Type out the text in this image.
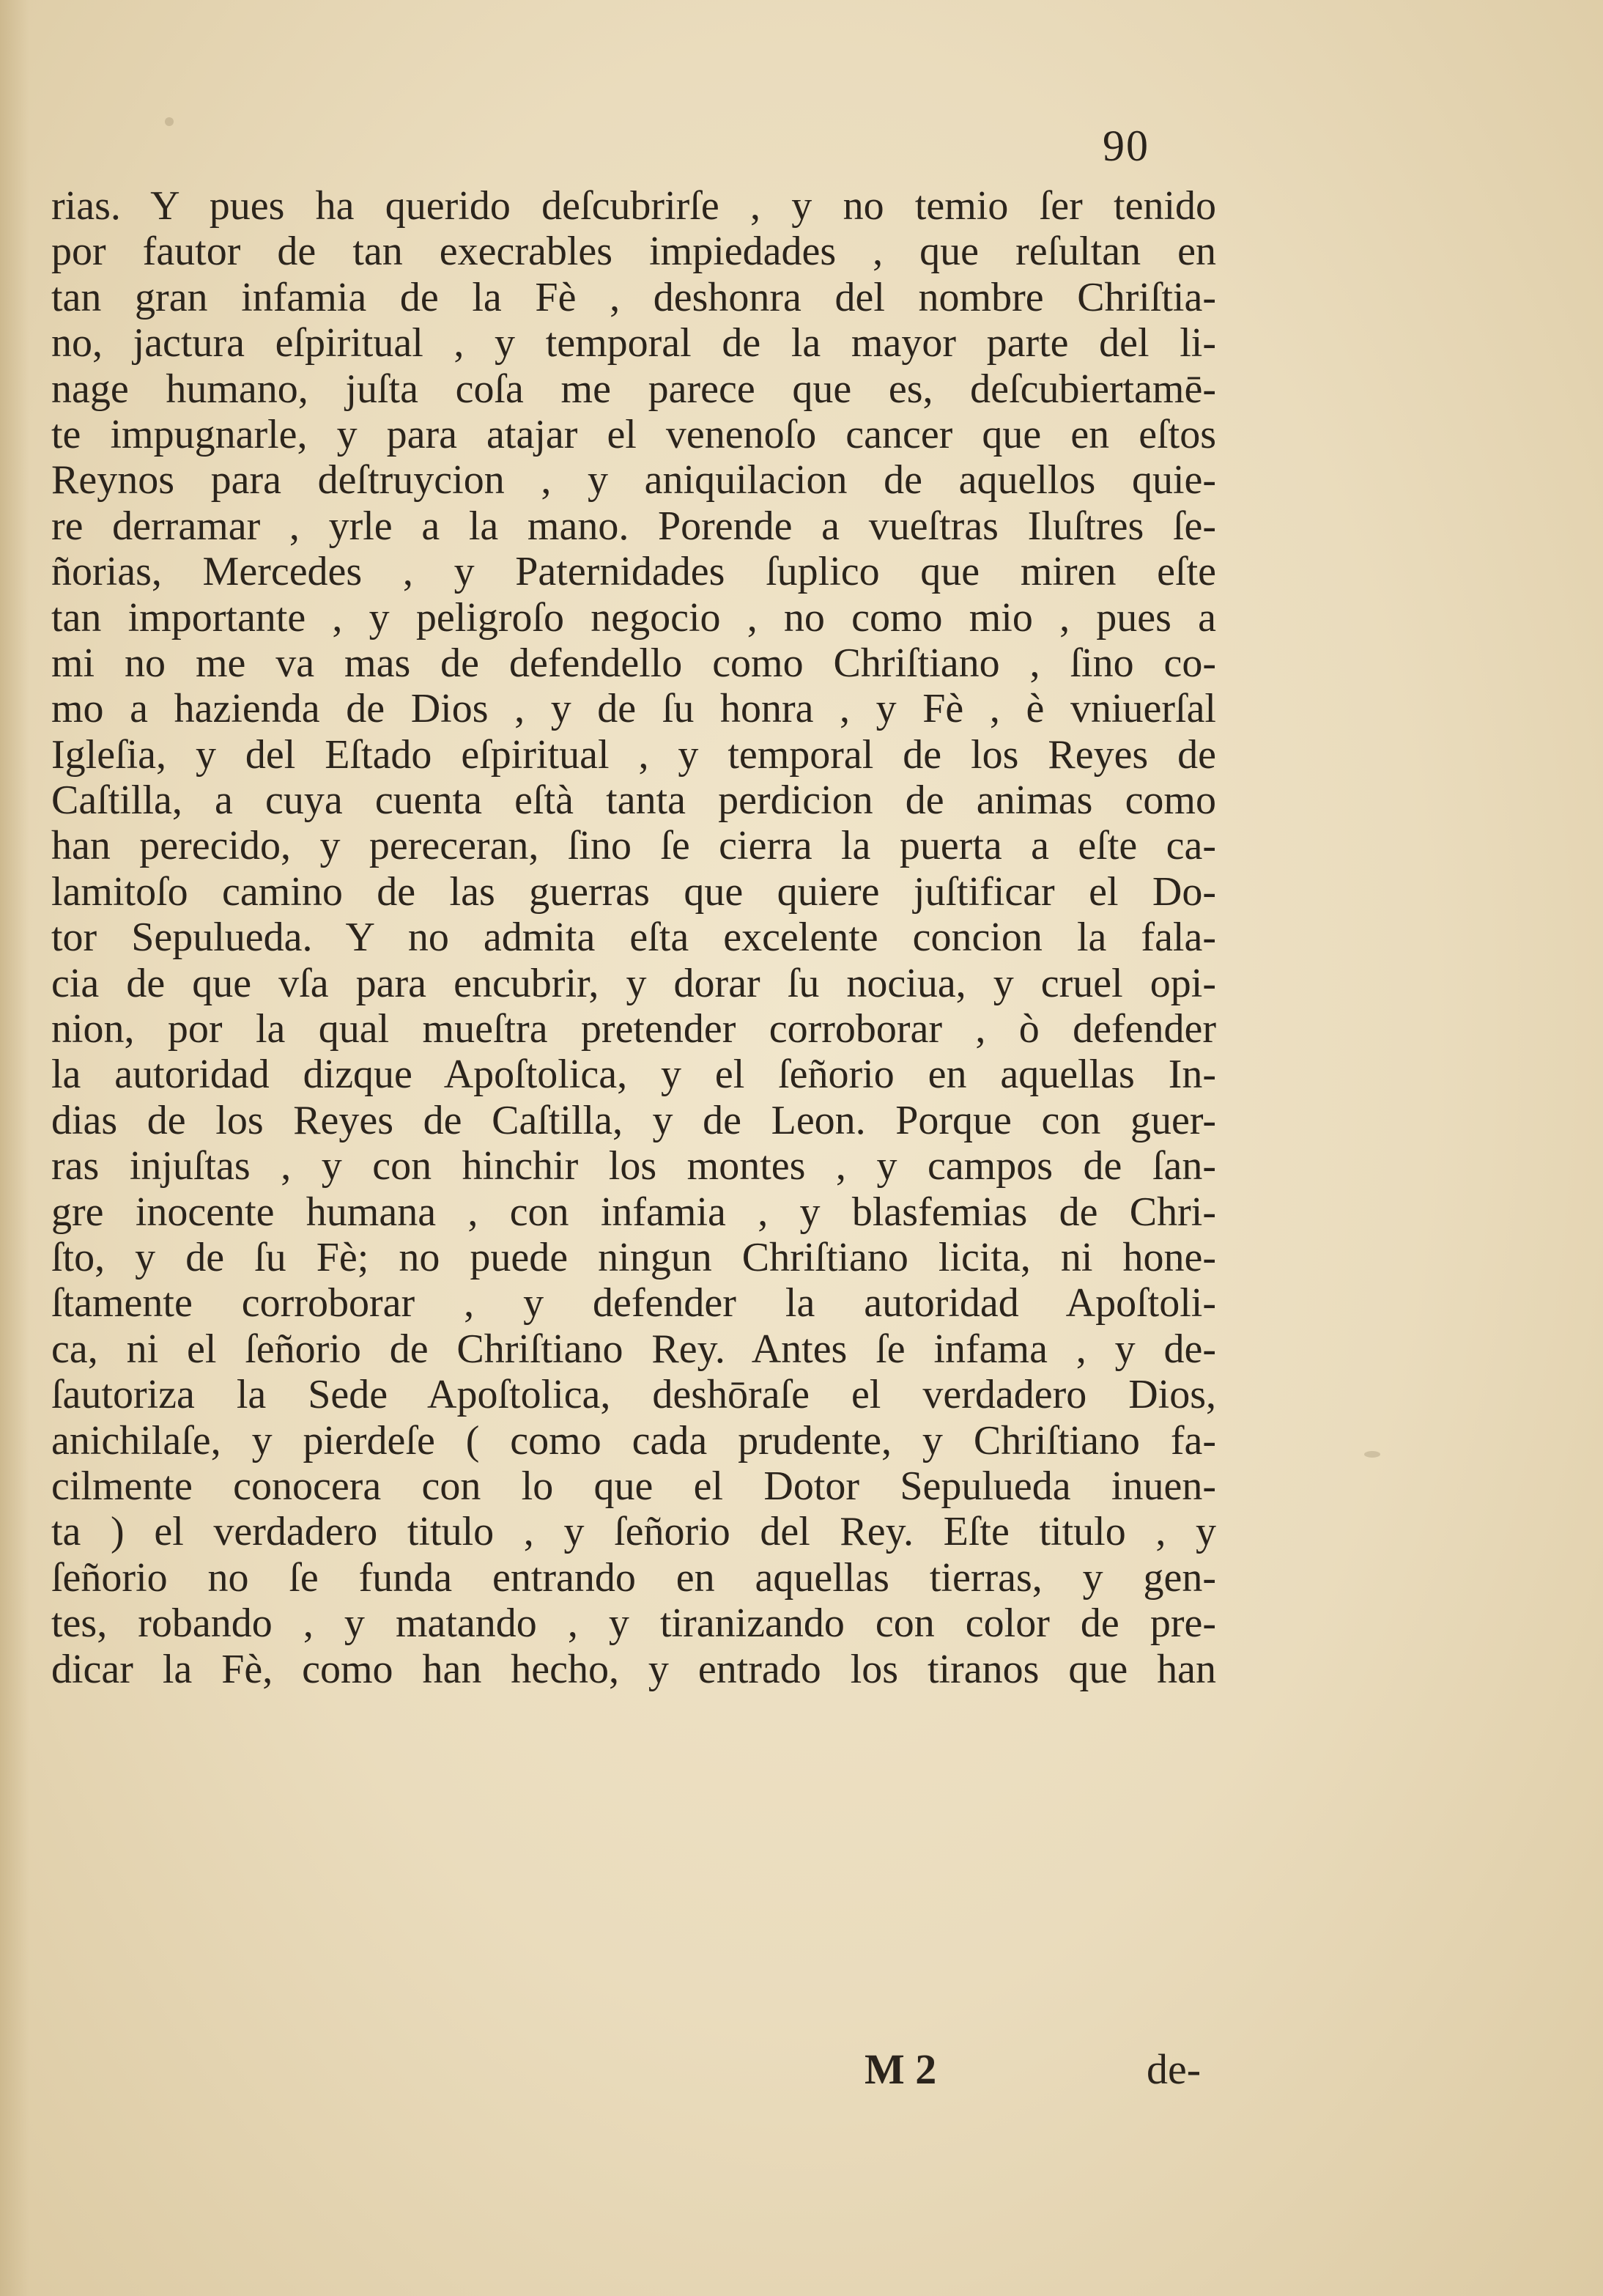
90
rias. Y pues ha querido deſcubrirſe , y no temio ſer tenido
por fautor de tan execrables impiedades , que reſultan en
tan gran infamia de la Fè , deshonra del nombre Chriſtia-
no, jactura eſpiritual , y temporal de la mayor parte del li-
nage humano, juſta coſa me parece que es, deſcubiertamē-
te impugnarle, y para atajar el venenoſo cancer que en eſtos
Reynos para deſtruycion , y aniquilacion de aquellos quie-
re derramar , yrle a la mano. Porende a vueſtras Iluſtres ſe-
ñorias, Mercedes , y Paternidades ſuplico que miren eſte
tan importante , y peligroſo negocio , no como mio , pues a
mi no me va mas de defendello como Chriſtiano , ſino co-
mo a hazienda de Dios , y de ſu honra , y Fè , è vniuerſal
Igleſia, y del Eſtado eſpiritual , y temporal de los Reyes de
Caſtilla, a cuya cuenta eſtà tanta perdicion de animas como
han perecido, y pereceran, ſino ſe cierra la puerta a eſte ca-
lamitoſo camino de las guerras que quiere juſtificar el Do-
tor Sepulueda. Y no admita eſta excelente concion la fala-
cia de que vſa para encubrir, y dorar ſu nociua, y cruel opi-
nion, por la qual mueſtra pretender corroborar , ò defender
la autoridad dizque Apoſtolica, y el ſeñorio en aquellas In-
dias de los Reyes de Caſtilla, y de Leon. Porque con guer-
ras injuſtas , y con hinchir los montes , y campos de ſan-
gre inocente humana , con infamia , y blasfemias de Chri-
ſto, y de ſu Fè; no puede ningun Chriſtiano licita, ni hone-
ſtamente corroborar , y defender la autoridad Apoſtoli-
ca, ni el ſeñorio de Chriſtiano Rey. Antes ſe infama , y de-
ſautoriza la Sede Apoſtolica, deshōraſe el verdadero Dios,
anichilaſe, y pierdeſe ( como cada prudente, y Chriſtiano fa-
cilmente conocera con lo que el Dotor Sepulueda inuen-
ta ) el verdadero titulo , y ſeñorio del Rey. Eſte titulo , y
ſeñorio no ſe funda entrando en aquellas tierras, y gen-
tes, robando , y matando , y tiranizando con color de pre-
dicar la Fè, como han hecho, y entrado los tiranos que han
M 2	de-
